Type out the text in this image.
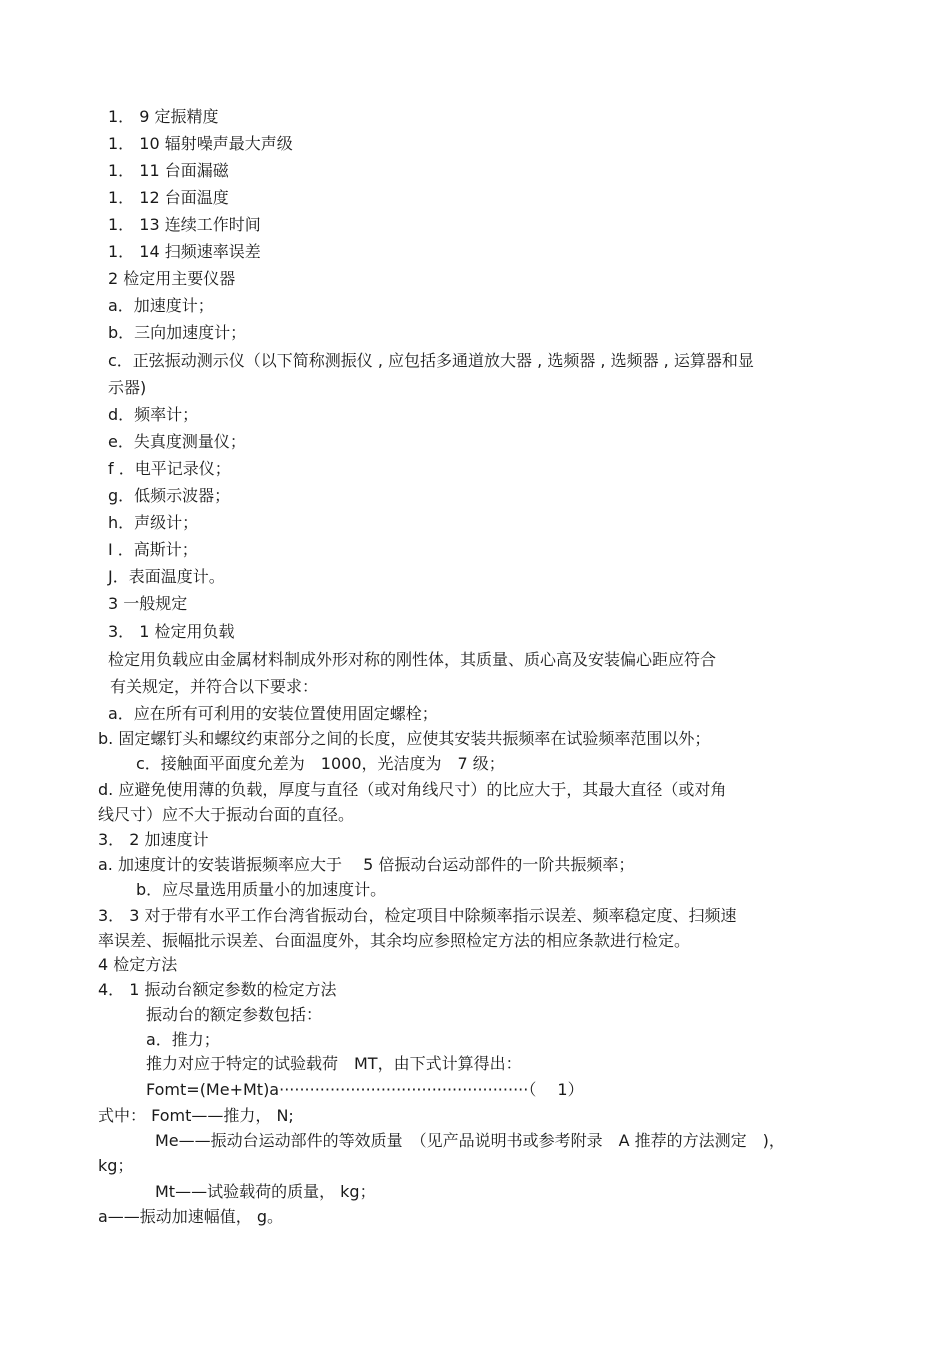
1． 9 定振精度
1． 10 辐射噪声最大声级
1． 11 台面漏磁
1． 12 台面温度
1． 13 连续工作时间
1． 14 扫频速率误差
2 检定用主要仪器
a．加速度计；
b．三向加速度计；
c．正弦振动测示仪（以下简称测振仪 , 应包括多通道放大器 , 选频器 , 选频器 , 运算器和显
示器)
d．频率计；
e．失真度测量仪；
f ．电平记录仪；
g．低频示波器；
h．声级计；
I ．高斯计；
J．表面温度计。
3 一般规定
3． 1 检定用负载
检定用负载应由金属材料制成外形对称的刚性体，其质量、质心高及安装偏心距应符合
有关规定，并符合以下要求：
a．应在所有可利用的安装位置使用固定螺栓；
b. 固定螺钉头和螺纹约束部分之间的长度，应使其安装共振频率在试验频率范围以外；
c．接触面平面度允差为　1000，光洁度为　7 级；
d. 应避免使用薄的负载，厚度与直径（或对角线尺寸）的比应大于，其最大直径（或对角
线尺寸）应不大于振动台面的直径。
3． 2 加速度计
a. 加速度计的安装谐振频率应大于　 5 倍振动台运动部件的一阶共振频率；
b．应尽量选用质量小的加速度计。
3． 3 对于带有水平工作台湾省振动台，检定项目中除频率指示误差、频率稳定度、扫频速
率误差、振幅批示误差、台面温度外，其余均应参照检定方法的相应条款进行检定。
4 检定方法
4． 1 振动台额定参数的检定方法
振动台的额定参数包括：
a．推力；
推力对应于特定的试验载荷　MT，由下式计算得出：
Fomt=(Me+Mt)a·················································（　 1）
式中： Fomt——推力， N;
Me——振动台运动部件的等效质量　（见产品说明书或参考附录　A 推荐的方法测定　)，
kg；
Mt——试验载荷的质量， kg；
a——振动加速幅值， g。
